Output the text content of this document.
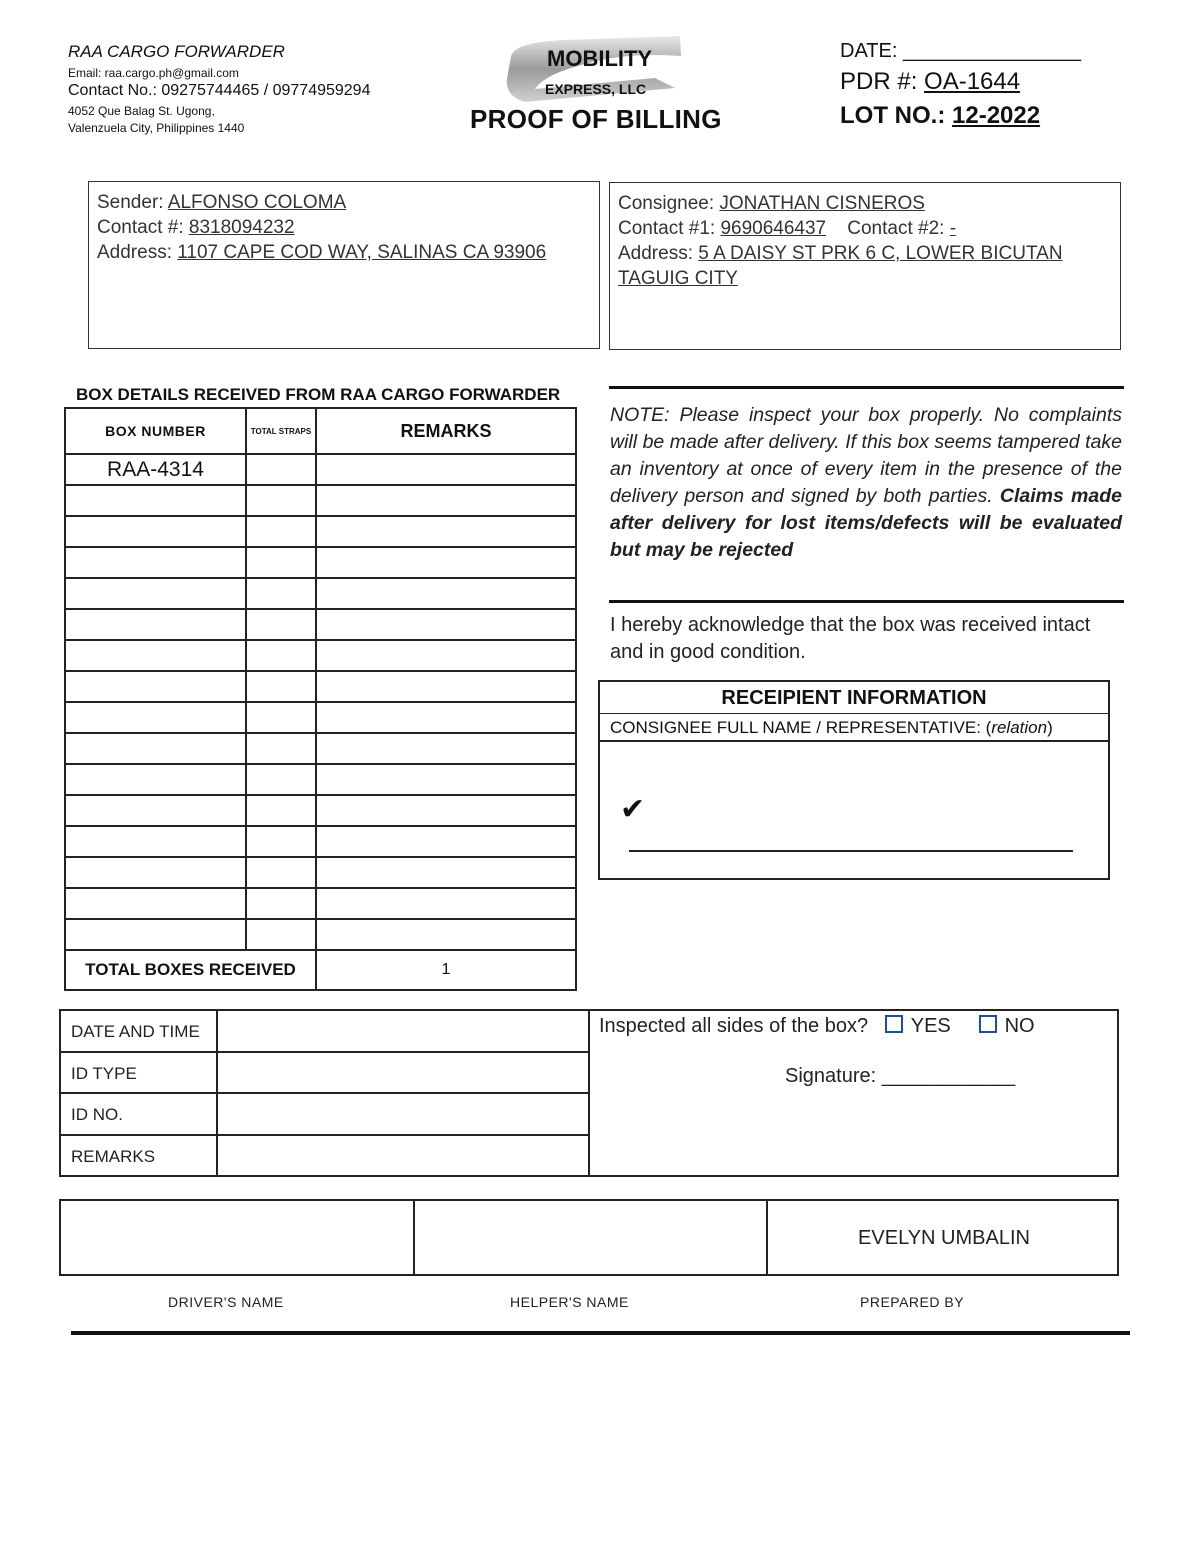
RAA CARGO FORWARDER
Email: raa.cargo.ph@gmail.com
Contact No.: 09275744465 / 09774959294
4052 Que Balag St. Ugong,
Valenzuela City, Philippines 1440
MOBILITY
EXPRESS, LLC
PROOF OF BILLING
DATE: ________________
PDR #: OA-1644
LOT NO.: 12-2022
Sender: ALFONSO COLOMA
Contact #: 8318094232
Address: 1107 CAPE COD WAY, SALINAS CA 93906
Consignee: JONATHAN CISNEROS
Contact #1: 9690646437 Contact #2: -
Address: 5 A DAISY ST PRK 6 C, LOWER BICUTAN TAGUIG CITY
BOX DETAILS RECEIVED FROM RAA CARGO FORWARDER
BOX NUMBER	TOTAL STRAPS	REMARKS
RAA-4314		

TOTAL BOXES RECEIVED		1
NOTE: Please inspect your box properly. No complaints will be made after delivery. If this box seems tampered take an inventory at once of every item in the presence of the delivery person and signed by both parties. Claims made after delivery for lost items/defects will be evaluated but may be rejected
I hereby acknowledge that the box was received intact and in good condition.
RECEIPIENT INFORMATION
CONSIGNEE FULL NAME / REPRESENTATIVE: (relation)
✔
DATE AND TIME
ID TYPE
ID NO.
REMARKS
Inspected all sides of the box? YES	NO
Signature: ____________
EVELYN UMBALIN
DRIVER'S NAME	HELPER'S NAME	PREPARED BY
